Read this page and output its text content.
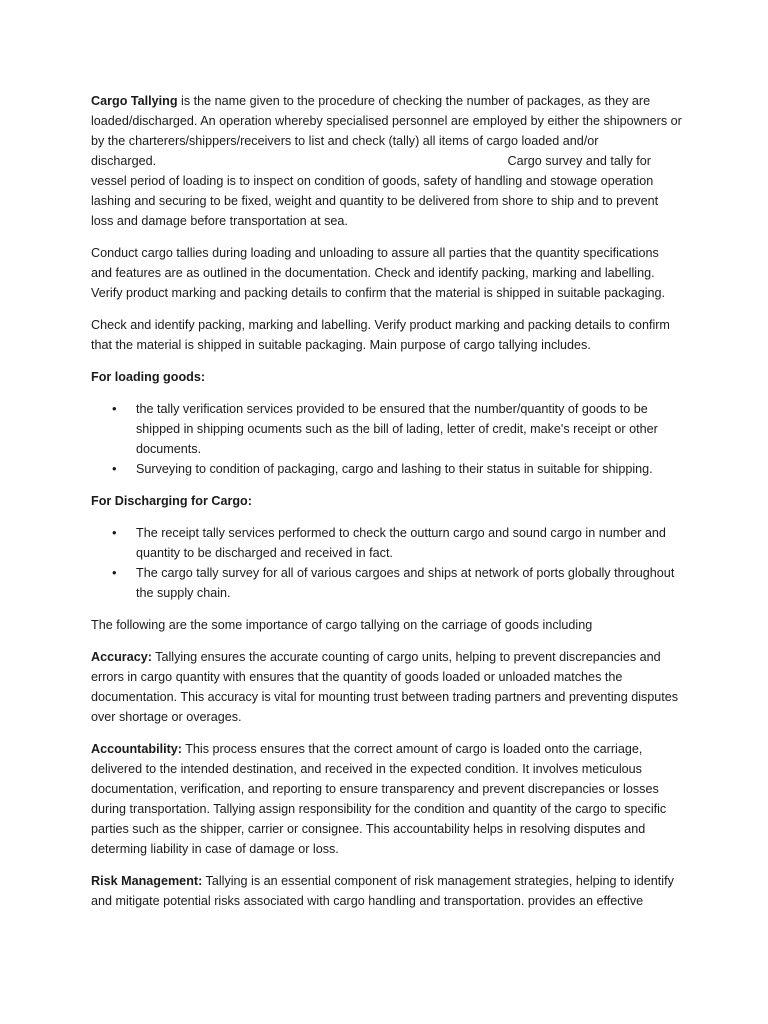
Cargo Tallying is the name given to the procedure of checking the number of packages, as they are loaded/discharged. An operation whereby specialised personnel are employed by either the shipowners or by the charterers/shippers/receivers to list and check (tally) all items of cargo loaded and/or
discharged.	Cargo survey and tally for
vessel period of loading is to inspect on condition of goods, safety of handling and stowage operation lashing and securing to be fixed, weight and quantity to be delivered from shore to ship and to prevent loss and damage before transportation at sea.

Conduct cargo tallies during loading and unloading to assure all parties that the quantity specifications and features are as outlined in the documentation. Check and identify packing, marking and labelling. Verify product marking and packing details to confirm that the material is shipped in suitable packaging.

Check and identify packing, marking and labelling. Verify product marking and packing details to confirm that the material is shipped in suitable packaging. Main purpose of cargo tallying includes.

For loading goods:

• the tally verification services provided to be ensured that the number/quantity of goods to be shipped in shipping ocuments such as the bill of lading, letter of credit, make's receipt or other documents.
• Surveying to condition of packaging, cargo and lashing to their status in suitable for shipping.

For Discharging for Cargo:

• The receipt tally services performed to check the outturn cargo and sound cargo in number and quantity to be discharged and received in fact.
• The cargo tally survey for all of various cargoes and ships at network of ports globally throughout the supply chain.

The following are the some importance of cargo tallying on the carriage of goods including

Accuracy: Tallying ensures the accurate counting of cargo units, helping to prevent discrepancies and errors in cargo quantity with ensures that the quantity of goods loaded or unloaded matches the documentation. This accuracy is vital for mounting trust between trading partners and preventing disputes over shortage or overages.

Accountability: This process ensures that the correct amount of cargo is loaded onto the carriage, delivered to the intended destination, and received in the expected condition. It involves meticulous documentation, verification, and reporting to ensure transparency and prevent discrepancies or losses during transportation. Tallying assign responsibility for the condition and quantity of the cargo to specific parties such as the shipper, carrier or consignee. This accountability helps in resolving disputes and determing liability in case of damage or loss.

Risk Management: Tallying is an essential component of risk management strategies, helping to identify and mitigate potential risks associated with cargo handling and transportation. provides an effective
